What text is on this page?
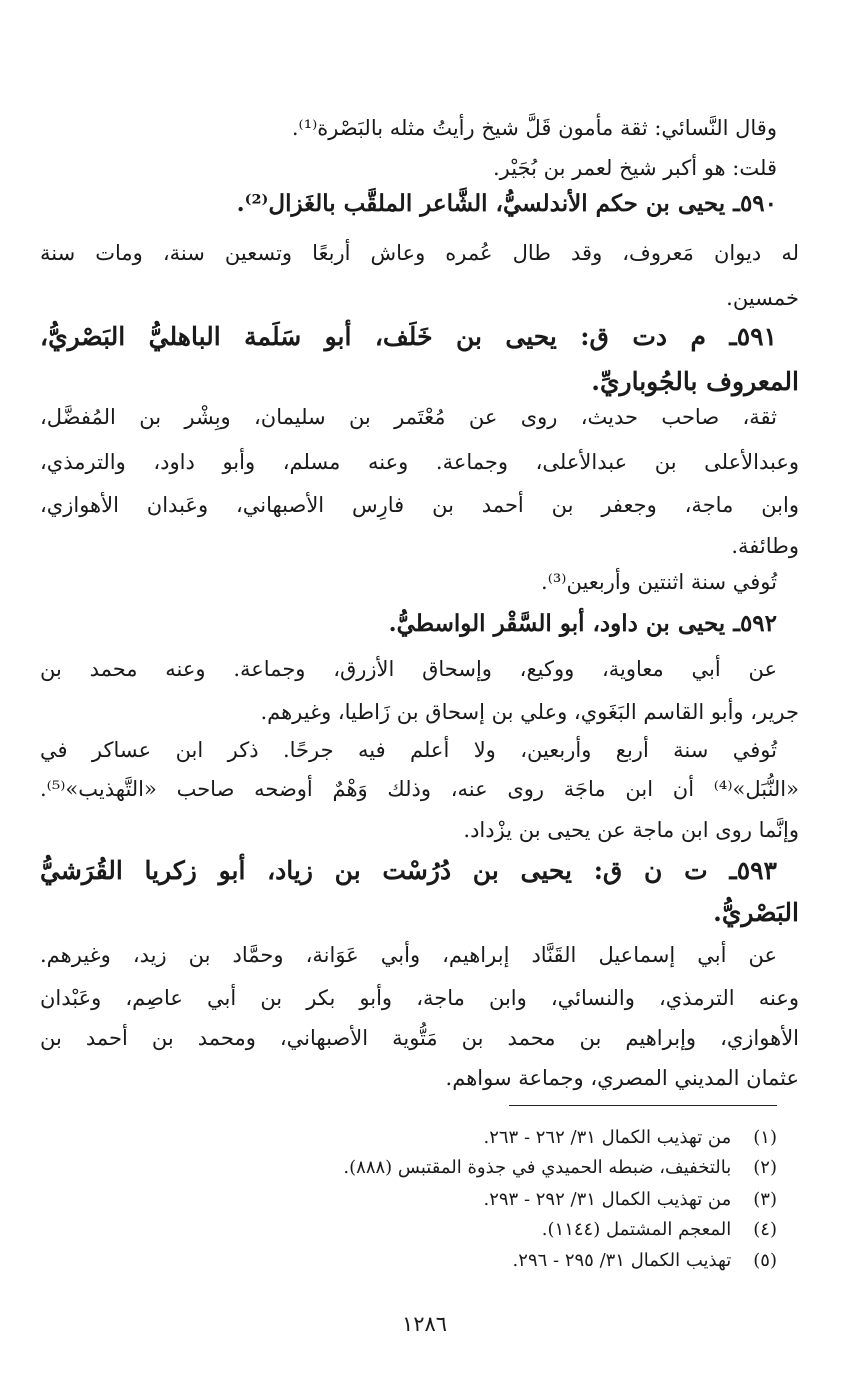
وقال النَّسائي: ثقة مأمون قَلَّ شيخ رأيتُ مثله بالبَصْرة⁽¹⁾.
قلت: هو أكبر شيخ لعمر بن بُجَيْر.
٥٩٠ـ يحيى بن حكم الأندلسيُّ، الشَّاعر الملقَّب بالغَزال⁽²⁾.
له ديوان مَعروف، وقد طال عُمره وعاش أربعًا وتسعين سنة، ومات سنة
خمسين.
٥٩١ـ م دت ق: يحيى بن خَلَف، أبو سَلَمة الباهليُّ البَصْريُّ،
المعروف بالجُوباريِّ.
ثقة، صاحب حديث، روى عن مُعْتَمر بن سليمان، وبِشْر بن المُفضَّل،
وعبدالأعلى بن عبدالأعلى، وجماعة. وعنه مسلم، وأبو داود، والترمذي،
وابن ماجة، وجعفر بن أحمد بن فارِس الأصبهاني، وعَبدان الأهوازي،
وطائفة.
تُوفي سنة اثنتين وأربعين⁽³⁾.
٥٩٢ـ يحيى بن داود، أبو السَّقْر الواسطيُّ.
عن أبي معاوية، ووكيع، وإسحاق الأزرق، وجماعة. وعنه محمد بن
جرير، وأبو القاسم البَغَوي، وعلي بن إسحاق بن زَاطيا، وغيرهم.
تُوفي سنة أربع وأربعين، ولا أعلم فيه جرحًا. ذكر ابن عساكر في
«النُّبَل»⁽⁴⁾ أن ابن ماجَة روى عنه، وذلك وَهْمٌ أوضحه صاحب «التَّهذيب»⁽⁵⁾.
وإنَّما روى ابن ماجة عن يحيى بن يزْداد.
٥٩٣ـ ت ن ق: يحيى بن دُرُسْت بن زياد، أبو زكريا القُرَشيُّ
البَصْريُّ.
عن أبي إسماعيل القَنَّاد إبراهيم، وأبي عَوَانة، وحمَّاد بن زيد، وغيرهم.
وعنه الترمذي، والنسائي، وابن ماجة، وأبو بكر بن أبي عاصِم، وعَبْدان
الأهوازي، وإبراهيم بن محمد بن مَتُّوية الأصبهاني، ومحمد بن أحمد بن
عثمان المديني المصري، وجماعة سواهم.
(١) من تهذيب الكمال ٣١/ ٢٦٢ - ٢٦٣.
(٢) بالتخفيف، ضبطه الحميدي في جذوة المقتبس (٨٨٨).
(٣) من تهذيب الكمال ٣١/ ٢٩٢ - ٢٩٣.
(٤) المعجم المشتمل (١١٤٤).
(٥) تهذيب الكمال ٣١/ ٢٩٥ - ٢٩٦.
١٢٨٦
